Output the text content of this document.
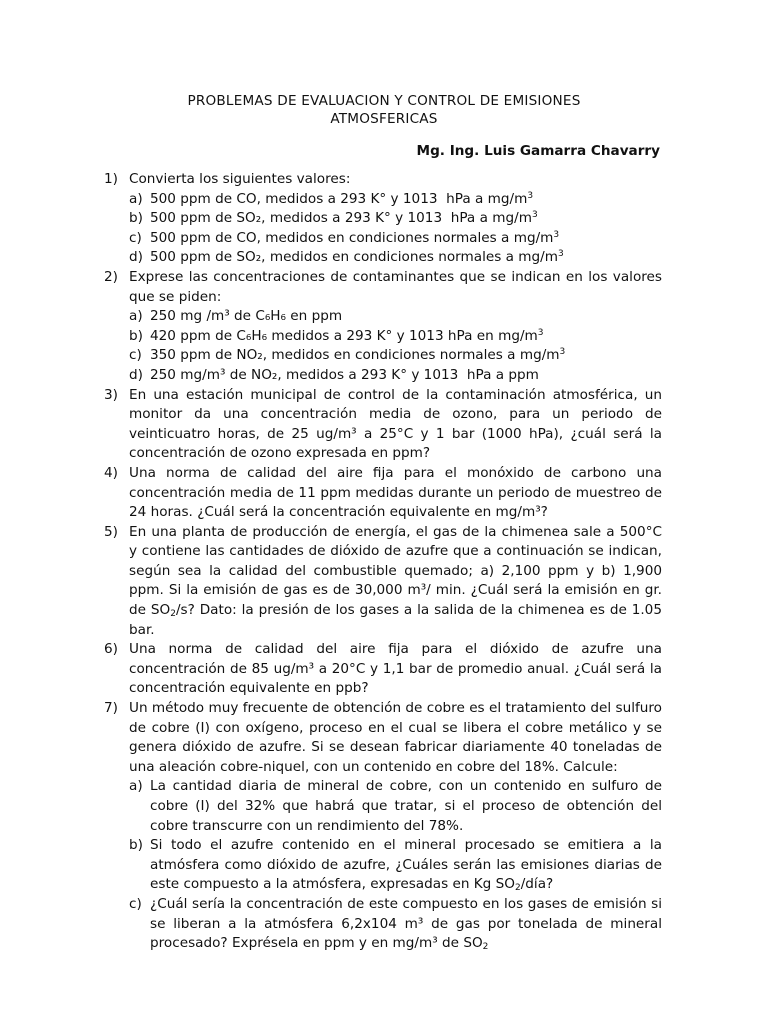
PROBLEMAS DE EVALUACION Y CONTROL DE EMISIONES
ATMOSFERICAS
Mg. Ing. Luis Gamarra Chavarry
1) Convierta los siguientes valores:
a) 500 ppm de CO, medidos a 293 K° y 1013  hPa a $mg/m^3$
b) 500 ppm de SO₂, medidos a 293 K° y 1013  hPa a $mg/m^3$
c) 500 ppm de CO, medidos en condiciones normales a $mg/m^3$
d) 500 ppm de SO₂, medidos en condiciones normales a $mg/m^3$
2) Exprese las concentraciones de contaminantes que se indican en los valores que se piden:
a) 250 mg /m³ de C₆H₆ en ppm
b) 420 ppm de C₆H₆ medidos a 293 K° y 1013 hPa en $mg/m^3$
c) 350 ppm de NO₂, medidos en condiciones normales a $mg/m^3$
d) 250 mg/m³ de NO₂, medidos a 293 K° y 1013  hPa a ppm
3) En una estación municipal de control de la contaminación atmosférica, un monitor da una concentración media de ozono, para un periodo de veinticuatro horas, de 25 ug/m³ a 25°C y 1 bar (1000 hPa), ¿cuál será la concentración de ozono expresada en ppm?
4) Una norma de calidad del aire fija para el monóxido de carbono una concentración media de 11 ppm medidas durante un periodo de muestreo de 24 horas. ¿Cuál será la concentración equivalente en mg/m³?
5) En una planta de producción de energía, el gas de la chimenea sale a 500°C y contiene las cantidades de dióxido de azufre que a continuación se indican, según sea la calidad del combustible quemado; a) 2,100 ppm y b) 1,900 ppm. Si la emisión de gas es de 30,000 m³/ min. ¿Cuál será la emisión en gr. de $SO_2/s$? Dato: la presión de los gases a la salida de la chimenea es de 1.05 bar.
6) Una norma de calidad del aire fija para el dióxido de azufre una concentración de 85 ug/m³ a 20°C y 1,1 bar de promedio anual. ¿Cuál será la concentración equivalente en ppb?
7) Un método muy frecuente de obtención de cobre es el tratamiento del sulfuro de cobre (I) con oxígeno, proceso en el cual se libera el cobre metálico y se genera dióxido de azufre. Si se desean fabricar diariamente 40 toneladas de una aleación cobre-niquel, con un contenido en cobre del 18%. Calcule:
a) La cantidad diaria de mineral de cobre, con un contenido en sulfuro de cobre (I) del 32% que habrá que tratar, si el proceso de obtención del cobre transcurre con un rendimiento del 78%.
b) Si todo el azufre contenido en el mineral procesado se emitiera a la atmósfera como dióxido de azufre, ¿Cuáles serán las emisiones diarias de este compuesto a la atmósfera, expresadas en Kg $SO_2$/día?
c) ¿Cuál sería la concentración de este compuesto en los gases de emisión si se liberan a la atmósfera 6,2x104 m³ de gas por tonelada de mineral procesado? Exprésela en ppm y en mg/m³ de $SO_2$
